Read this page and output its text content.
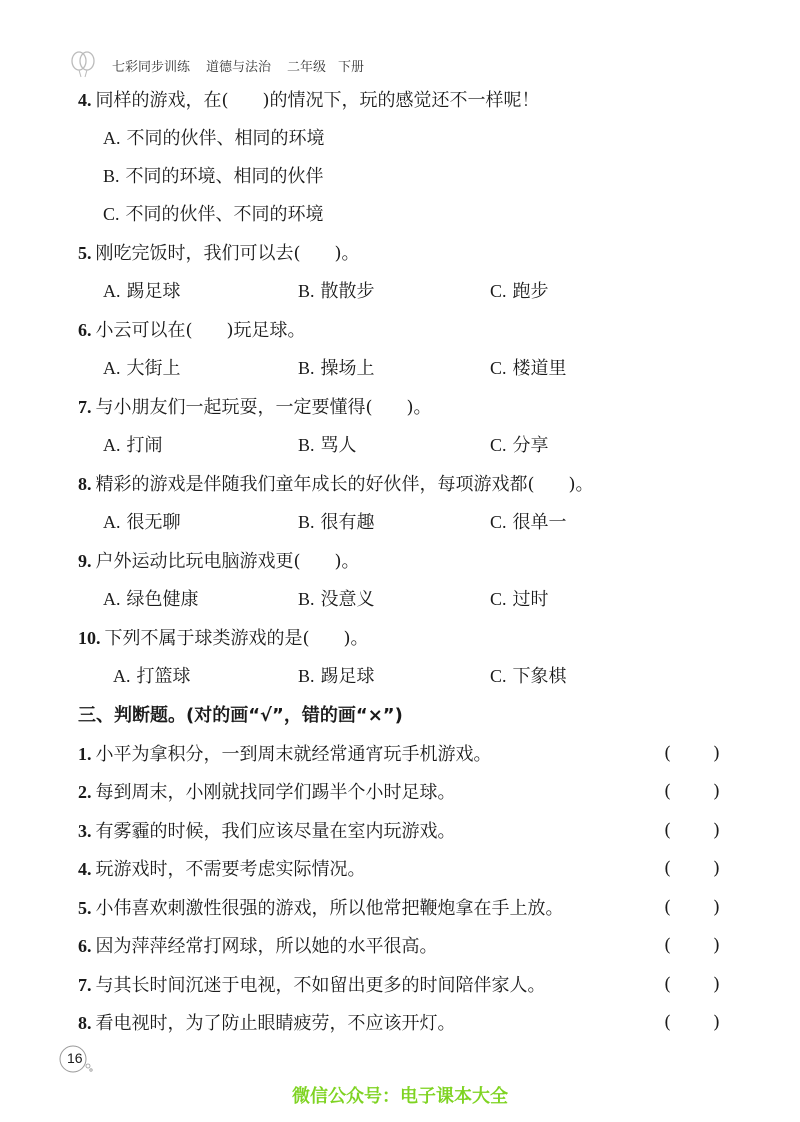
七彩同步训练 道德与法治 二年级 下册
4. 同样的游戏，在( )的情况下，玩的感觉还不一样呢！
A. 不同的伙伴、相同的环境
B. 不同的环境、相同的伙伴
C. 不同的伙伴、不同的环境
5. 刚吃完饭时，我们可以去( )。
A. 踢足球	B. 散散步	C. 跑步
6. 小云可以在( )玩足球。
A. 大街上	B. 操场上	C. 楼道里
7. 与小朋友们一起玩耍，一定要懂得( )。
A. 打闹	B. 骂人	C. 分享
8. 精彩的游戏是伴随我们童年成长的好伙伴，每项游戏都( )。
A. 很无聊	B. 很有趣	C. 很单一
9. 户外运动比玩电脑游戏更( )。
A. 绿色健康	B. 没意义	C. 过时
10. 下列不属于球类游戏的是( )。
A. 打篮球	B. 踢足球	C. 下象棋
三、判断题。(对的画“√”，错的画“×”)
1. 小平为拿积分，一到周末就经常通宵玩手机游戏。	( )
2. 每到周末，小刚就找同学们踢半个小时足球。	( )
3. 有雾霾的时候，我们应该尽量在室内玩游戏。	( )
4. 玩游戏时，不需要考虑实际情况。	( )
5. 小伟喜欢刺激性很强的游戏，所以他常把鞭炮拿在手上放。	( )
6. 因为萍萍经常打网球，所以她的水平很高。	( )
7. 与其长时间沉迷于电视，不如留出更多的时间陪伴家人。	( )
8. 看电视时，为了防止眼睛疲劳，不应该开灯。	( )
16
微信公众号：电子课本大全
